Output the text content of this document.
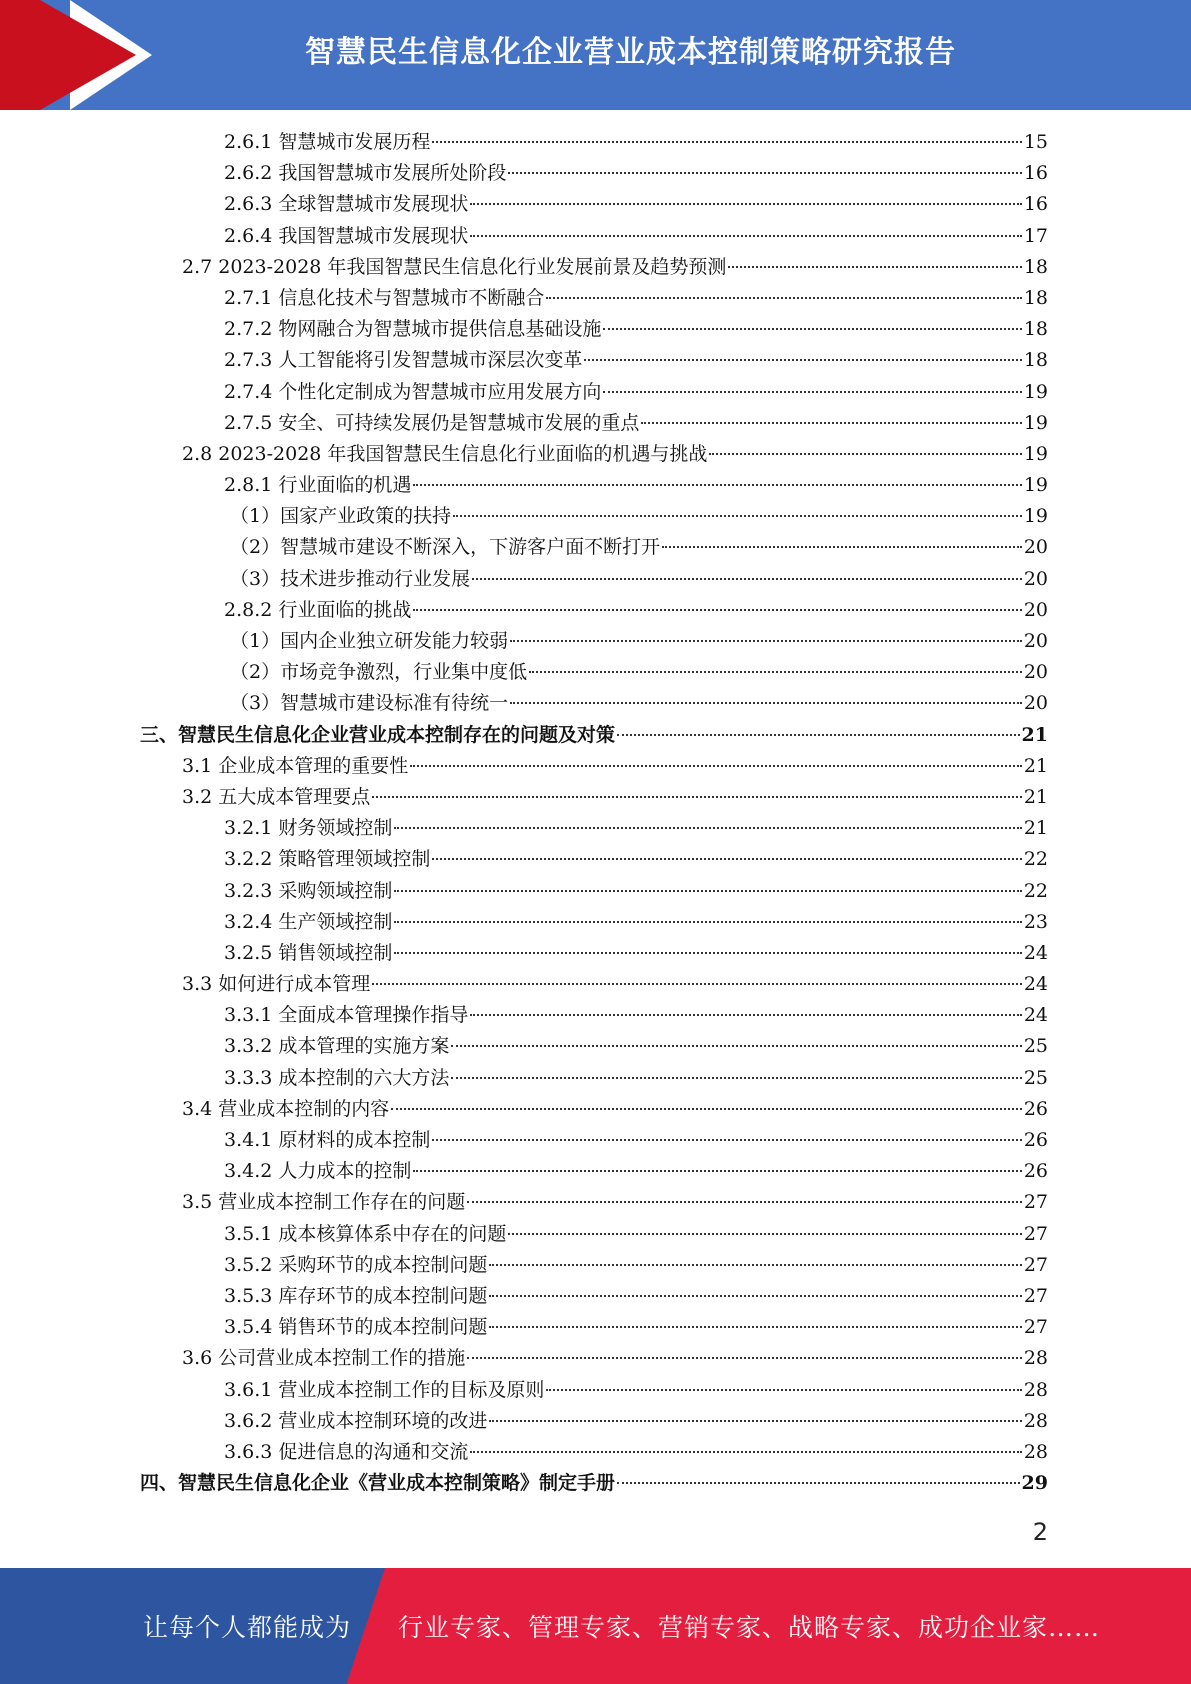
智慧民生信息化企业营业成本控制策略研究报告
2.6.1 智慧城市发展历程	15
2.6.2 我国智慧城市发展所处阶段	16
2.6.3 全球智慧城市发展现状	16
2.6.4 我国智慧城市发展现状	17
2.7 2023-2028 年我国智慧民生信息化行业发展前景及趋势预测	18
2.7.1 信息化技术与智慧城市不断融合	18
2.7.2 物网融合为智慧城市提供信息基础设施	18
2.7.3 人工智能将引发智慧城市深层次变革	18
2.7.4 个性化定制成为智慧城市应用发展方向	19
2.7.5 安全、可持续发展仍是智慧城市发展的重点	19
2.8 2023-2028 年我国智慧民生信息化行业面临的机遇与挑战	19
2.8.1 行业面临的机遇	19
（1）国家产业政策的扶持	19
（2）智慧城市建设不断深入，下游客户面不断打开	20
（3）技术进步推动行业发展	20
2.8.2 行业面临的挑战	20
（1）国内企业独立研发能力较弱	20
（2）市场竞争激烈，行业集中度低	20
（3）智慧城市建设标准有待统一	20
三、智慧民生信息化企业营业成本控制存在的问题及对策	21
3.1 企业成本管理的重要性	21
3.2 五大成本管理要点	21
3.2.1 财务领域控制	21
3.2.2 策略管理领域控制	22
3.2.3 采购领域控制	22
3.2.4 生产领域控制	23
3.2.5 销售领域控制	24
3.3 如何进行成本管理	24
3.3.1 全面成本管理操作指导	24
3.3.2 成本管理的实施方案	25
3.3.3 成本控制的六大方法	25
3.4 营业成本控制的内容	26
3.4.1 原材料的成本控制	26
3.4.2 人力成本的控制	26
3.5 营业成本控制工作存在的问题	27
3.5.1 成本核算体系中存在的问题	27
3.5.2 采购环节的成本控制问题	27
3.5.3 库存环节的成本控制问题	27
3.5.4 销售环节的成本控制问题	27
3.6 公司营业成本控制工作的措施	28
3.6.1 营业成本控制工作的目标及原则	28
3.6.2 营业成本控制环境的改进	28
3.6.3 促进信息的沟通和交流	28
四、智慧民生信息化企业《营业成本控制策略》制定手册	29
2
让每个人都能成为 行业专家、管理专家、营销专家、战略专家、成功企业家……
